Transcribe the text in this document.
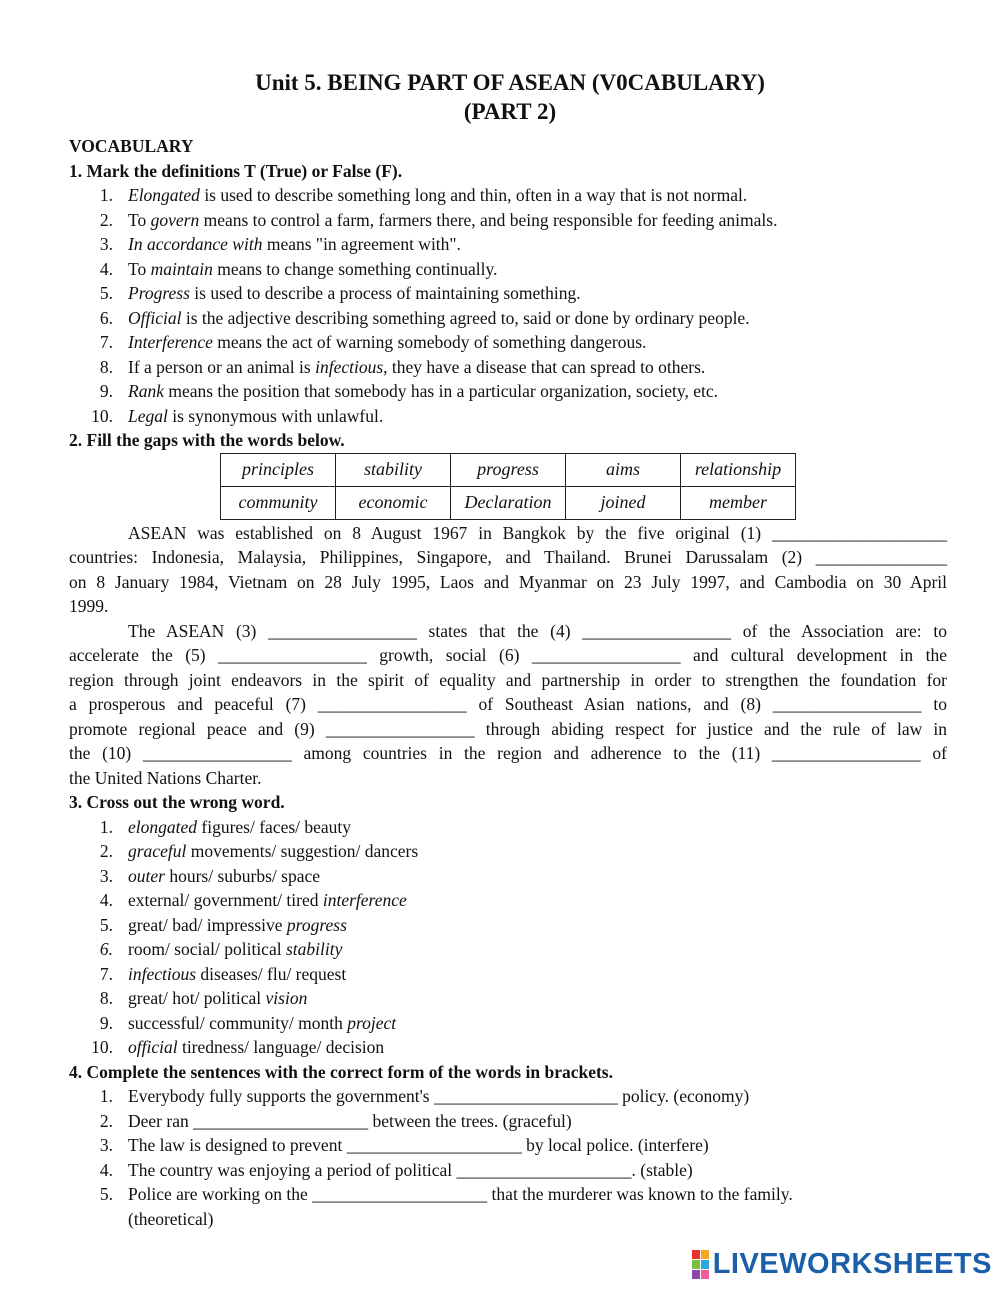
Unit 5. BEING PART OF ASEAN (V0CABULARY)
(PART 2)
VOCABULARY
1. Mark the definitions T (True) or False (F).
1. Elongated is used to describe something long and thin, often in a way that is not normal.
2. To govern means to control a farm, farmers there, and being responsible for feeding animals.
3. In accordance with means "in agreement with".
4. To maintain means to change something continually.
5. Progress is used to describe a process of maintaining something.
6. Official is the adjective describing something agreed to, said or done by ordinary people.
7. Interference means the act of warning somebody of something dangerous.
8. If a person or an animal is infectious, they have a disease that can spread to others.
9. Rank means the position that somebody has in a particular organization, society, etc.
10. Legal is synonymous with unlawful.
2. Fill the gaps with the words below.
principles	stability	progress	aims	relationship
community	economic	Declaration	joined	member

ASEAN was established on 8 August 1967 in Bangkok by the five original (1) ____________________

countries: Indonesia, Malaysia, Philippines, Singapore, and Thailand. Brunei Darussalam (2) _______________

on 8 January 1984, Vietnam on 28 July 1995, Laos and Myanmar on 23 July 1997, and Cambodia on 30 April

1999.

The ASEAN (3) _________________ states that the (4) _________________ of the Association are: to

accelerate the (5) _________________ growth, social (6) _________________ and cultural development in the

region through joint endeavors in the spirit of equality and partnership in order to strengthen the foundation for

a prosperous and peaceful (7) _________________ of Southeast Asian nations, and (8) _________________ to

promote regional peace and (9) _________________ through abiding respect for justice and the rule of law in

the (10) _________________ among countries in the region and adherence to the (11) _________________ of

the United Nations Charter.

3. Cross out the wrong word.
1. elongated figures/ faces/ beauty
2. graceful movements/ suggestion/ dancers
3. outer hours/ suburbs/ space
4. external/ government/ tired interference
5. great/ bad/ impressive progress
6. room/ social/ political stability
7. infectious diseases/ flu/ request
8. great/ hot/ political vision
9. successful/ community/ month project
10. official tiredness/ language/ decision
4. Complete the sentences with the correct form of the words in brackets.
1. Everybody fully supports the government's _____________________ policy. (economy)
2. Deer ran ____________________ between the trees. (graceful)
3. The law is designed to prevent ____________________ by local police. (interfere)
4. The country was enjoying a period of political ____________________. (stable)
5. Police are working on the ____________________ that the murderer was known to the family.
(theoretical)
LIVEWORKSHEETS
